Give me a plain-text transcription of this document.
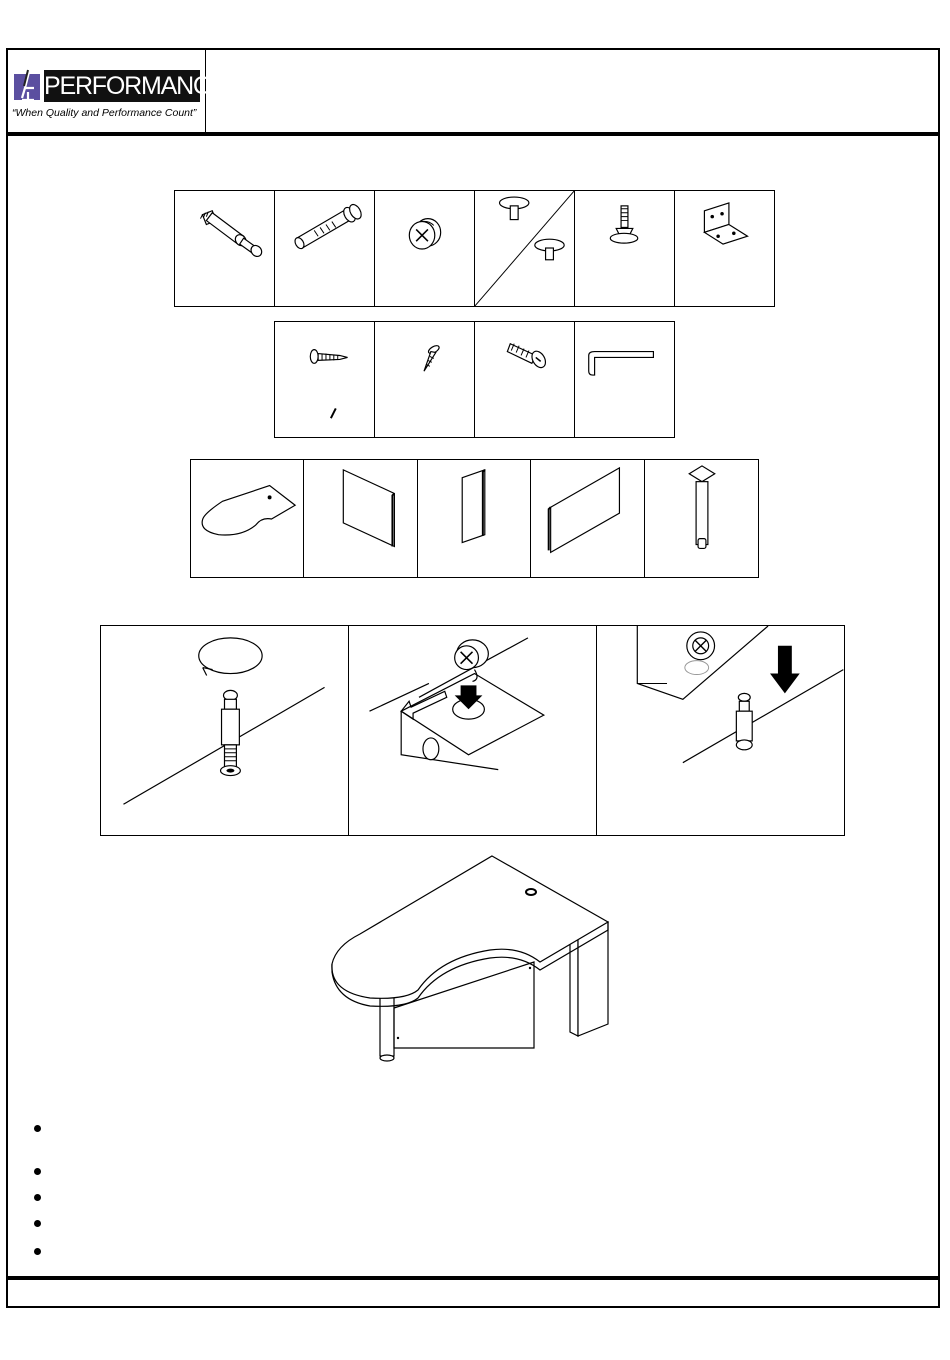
PERFORMANCE
“When Quality and Performance Count”
